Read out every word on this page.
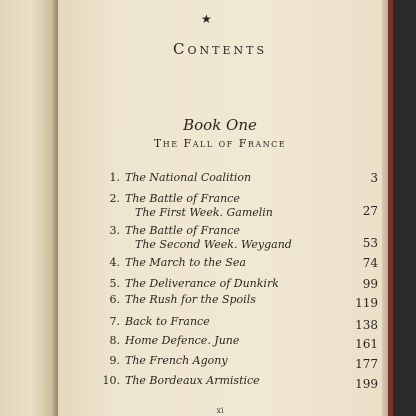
★
Contents
Book One
The Fall of France
1. The National Coalition	3
2. The Battle of France
The First Week. Gamelin	27
3. The Battle of France
The Second Week. Weygand	53
4. The March to the Sea	74
5. The Deliverance of Dunkirk	99
6. The Rush for the Spoils	119
7. Back to France	138
8. Home Defence. June	161
9. The French Agony	177
10. The Bordeaux Armistice	199
xi
